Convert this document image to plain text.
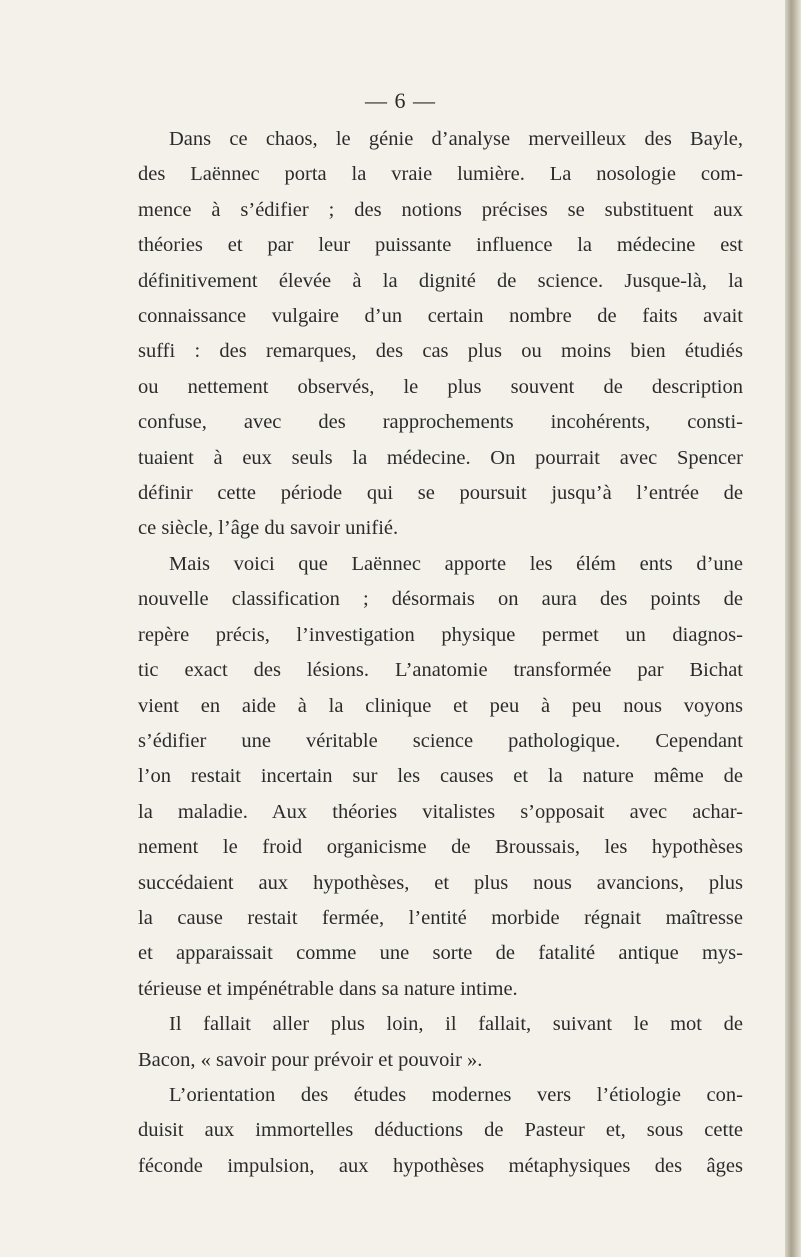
— 6 —
Dans ce chaos, le génie d’analyse merveilleux des Bayle,
des Laënnec porta la vraie lumière. La nosologie com-
mence à s’édifier ; des notions précises se substituent aux
théories et par leur puissante influence la médecine est
définitivement élevée à la dignité de science. Jusque-là, la
connaissance vulgaire d’un certain nombre de faits avait
suffi : des remarques, des cas plus ou moins bien étudiés
ou nettement observés, le plus souvent de description
confuse, avec des rapprochements incohérents, consti-
tuaient à eux seuls la médecine. On pourrait avec Spencer
définir cette période qui se poursuit jusqu’à l’entrée de
ce siècle, l’âge du savoir unifié.
Mais voici que Laënnec apporte les élém ents d’une
nouvelle classification ; désormais on aura des points de
repère précis, l’investigation physique permet un diagnos-
tic exact des lésions. L’anatomie transformée par Bichat
vient en aide à la clinique et peu à peu nous voyons
s’édifier une véritable science pathologique. Cependant
l’on restait incertain sur les causes et la nature même de
la maladie. Aux théories vitalistes s’opposait avec achar-
nement le froid organicisme de Broussais, les hypothèses
succédaient aux hypothèses, et plus nous avancions, plus
la cause restait fermée, l’entité morbide régnait maîtresse
et apparaissait comme une sorte de fatalité antique mys-
térieuse et impénétrable dans sa nature intime.
Il fallait aller plus loin, il fallait, suivant le mot de
Bacon, « savoir pour prévoir et pouvoir ».
L’orientation des études modernes vers l’étiologie con-
duisit aux immortelles déductions de Pasteur et, sous cette
féconde impulsion, aux hypothèses métaphysiques des âges
